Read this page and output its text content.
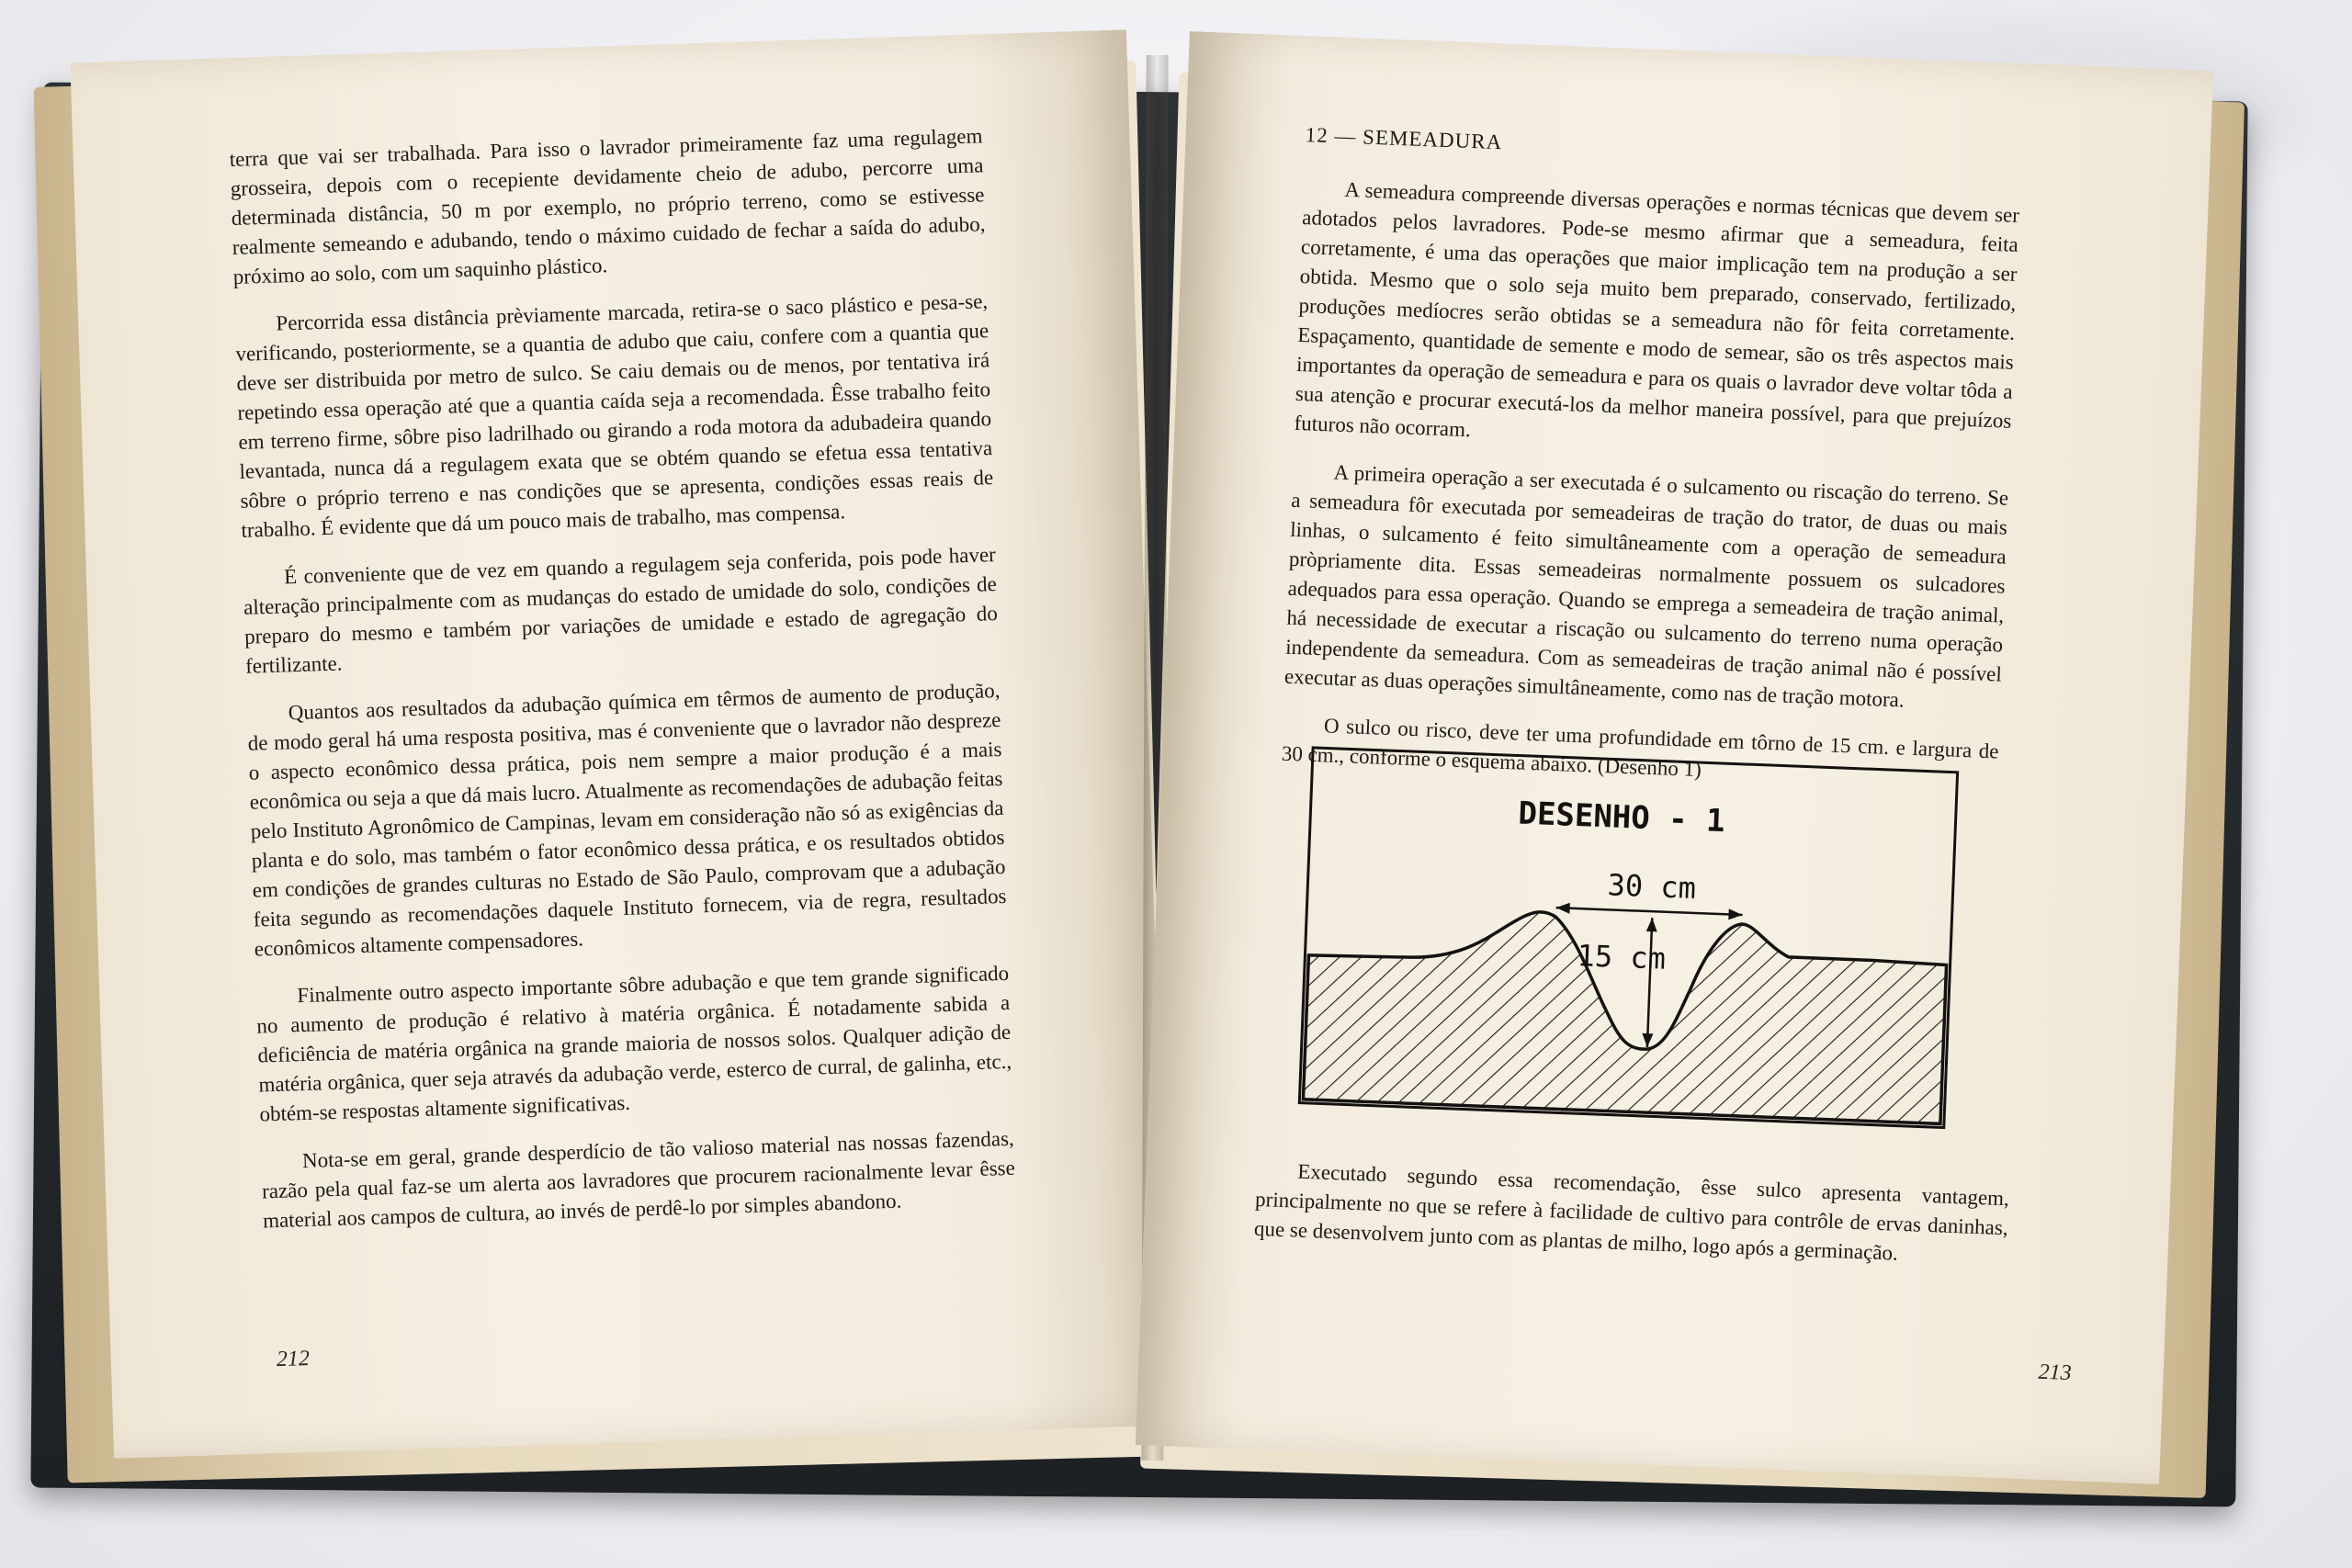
terra que vai ser trabalhada. Para isso o lavrador primeiramente faz uma regulagem grosseira, depois com o recepiente devidamente cheio de adubo, percorre uma determinada distância, 50 m por exemplo, no próprio terreno, como se estivesse realmente semeando e adubando, tendo o máximo cuidado de fechar a saída do adubo, próximo ao solo, com um saquinho plástico.

Percorrida essa distância prèviamente marcada, retira-se o saco plástico e pesa-se, verificando, posteriormente, se a quantia de adubo que caiu, confere com a quantia que deve ser distribuida por metro de sulco. Se caiu demais ou de menos, por tentativa irá repetindo essa operação até que a quantia caída seja a recomendada. Êsse trabalho feito em terreno firme, sôbre piso ladrilhado ou girando a roda motora da adubadeira quando levantada, nunca dá a regulagem exata que se obtém quando se efetua essa tentativa sôbre o próprio terreno e nas condições que se apresenta, condições essas reais de trabalho. É evidente que dá um pouco mais de trabalho, mas compensa.

É conveniente que de vez em quando a regulagem seja conferida, pois pode haver alteração principalmente com as mudanças do estado de umidade do solo, condições de preparo do mesmo e também por variações de umidade e estado de agregação do fertilizante.

Quantos aos resultados da adubação química em têrmos de aumento de produção, de modo geral há uma resposta positiva, mas é conveniente que o lavrador não despreze o aspecto econômico dessa prática, pois nem sempre a maior produção é a mais econômica ou seja a que dá mais lucro. Atualmente as recomendações de adubação feitas pelo Instituto Agronômico de Campinas, levam em consideração não só as exigências da planta e do solo, mas também o fator econômico dessa prática, e os resultados obtidos em condições de grandes culturas no Estado de São Paulo, comprovam que a adubação feita segundo as recomendações daquele Instituto fornecem, via de regra, resultados econômicos altamente compensadores.

Finalmente outro aspecto importante sôbre adubação e que tem grande significado no aumento de produção é relativo à matéria orgânica. É notadamente sabida a deficiência de matéria orgânica na grande maioria de nossos solos. Qualquer adição de matéria orgânica, quer seja através da adubação verde, esterco de curral, de galinha, etc., obtém-se respostas altamente significativas.

Nota-se em geral, grande desperdício de tão valioso material nas nossas fazendas, razão pela qual faz-se um alerta aos lavradores que procurem racionalmente levar êsse material aos campos de cultura, ao invés de perdê-lo por simples abandono.

212
12 — SEMEADURA

A semeadura compreende diversas operações e normas técnicas que devem ser adotados pelos lavradores. Pode-se mesmo afirmar que a semeadura, feita corretamente, é uma das operações que maior implicação tem na produção a ser obtida. Mesmo que o solo seja muito bem preparado, conservado, fertilizado, produções medíocres serão obtidas se a semeadura não fôr feita corretamente. Espaçamento, quantidade de semente e modo de semear, são os três aspectos mais importantes da operação de semeadura e para os quais o lavrador deve voltar tôda a sua atenção e procurar executá-los da melhor maneira possível, para que prejuízos futuros não ocorram.

A primeira operação a ser executada é o sulcamento ou riscação do terreno. Se a semeadura fôr executada por semeadeiras de tração do trator, de duas ou mais linhas, o sulcamento é feito simultâneamente com a operação de semeadura pròpriamente dita. Essas semeadeiras normalmente possuem os sulcadores adequados para essa operação. Quando se emprega a semeadeira de tração animal, há necessidade de executar a riscação ou sulcamento do terreno numa operação independente da semeadura. Com as semeadeiras de tração animal não é possível executar as duas operações simultâneamente, como nas de tração motora.

O sulco ou risco, deve ter uma profundidade em tôrno de 15 cm. e largura de 30 cm., conforme o esquema abaixo. (Desenho 1)

DESENHO - 1
30 cm
15 cm

Executado segundo essa recomendação, êsse sulco apresenta vantagem, principalmente no que se refere à facilidade de cultivo para contrôle de ervas daninhas, que se desenvolvem junto com as plantas de milho, logo após a germinação.

213
